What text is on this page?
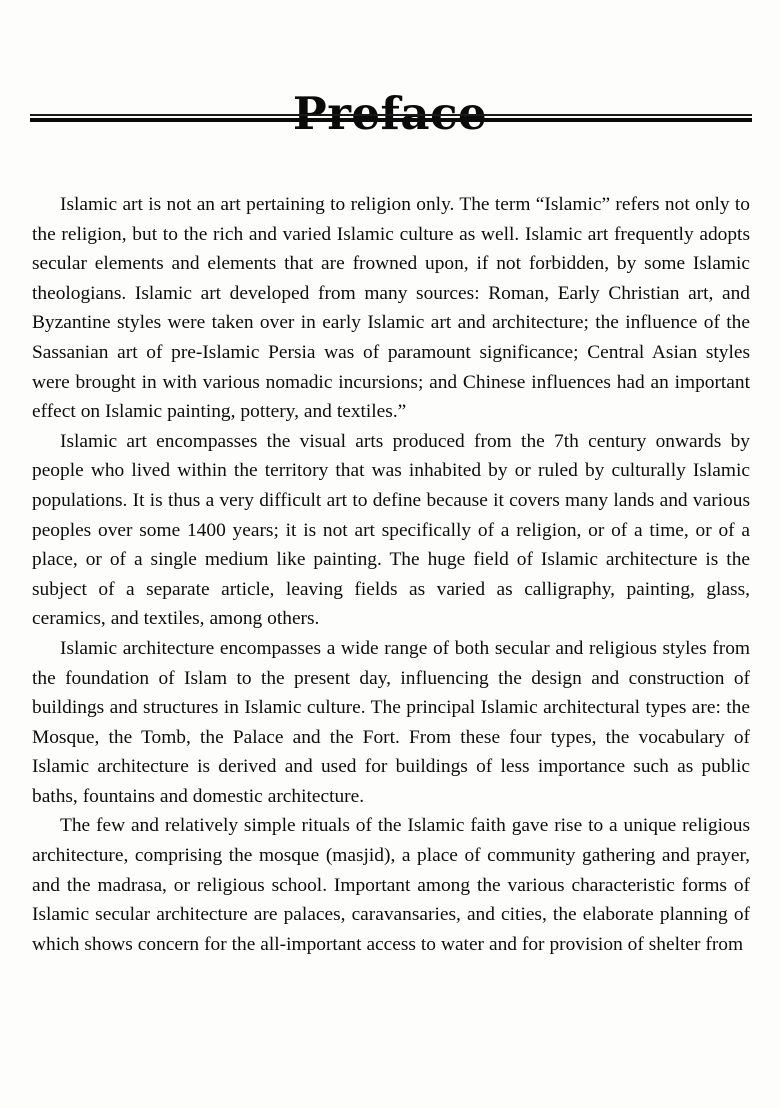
Islamic art is not an art pertaining to religion only. The term “Islamic” refers not only to the religion, but to the rich and varied Islamic culture as well. Islamic art frequently adopts secular elements and elements that are frowned upon, if not forbidden, by some Islamic theologians. Islamic art developed from many sources: Roman, Early Christian art, and Byzantine styles were taken over in early Islamic art and architecture; the influence of the Sassanian art of pre-Islamic Persia was of paramount significance; Central Asian styles were brought in with various nomadic incursions; and Chinese influences had an important effect on Islamic painting, pottery, and textiles.”

Islamic art encompasses the visual arts produced from the 7th century onwards by people who lived within the territory that was inhabited by or ruled by culturally Islamic populations. It is thus a very difficult art to define because it covers many lands and various peoples over some 1400 years; it is not art specifically of a religion, or of a time, or of a place, or of a single medium like painting. The huge field of Islamic architecture is the subject of a separate article, leaving fields as varied as calligraphy, painting, glass, ceramics, and textiles, among others.

Islamic architecture encompasses a wide range of both secular and religious styles from the foundation of Islam to the present day, influencing the design and construction of buildings and structures in Islamic culture. The principal Islamic architectural types are: the Mosque, the Tomb, the Palace and the Fort. From these four types, the vocabulary of Islamic architecture is derived and used for buildings of less importance such as public baths, fountains and domestic architecture.

The few and relatively simple rituals of the Islamic faith gave rise to a unique religious architecture, comprising the mosque (masjid), a place of community gathering and prayer, and the madrasa, or religious school. Important among the various characteristic forms of Islamic secular architecture are palaces, caravansaries, and cities, the elaborate planning of which shows concern for the all-important access to water and for provision of shelter from
